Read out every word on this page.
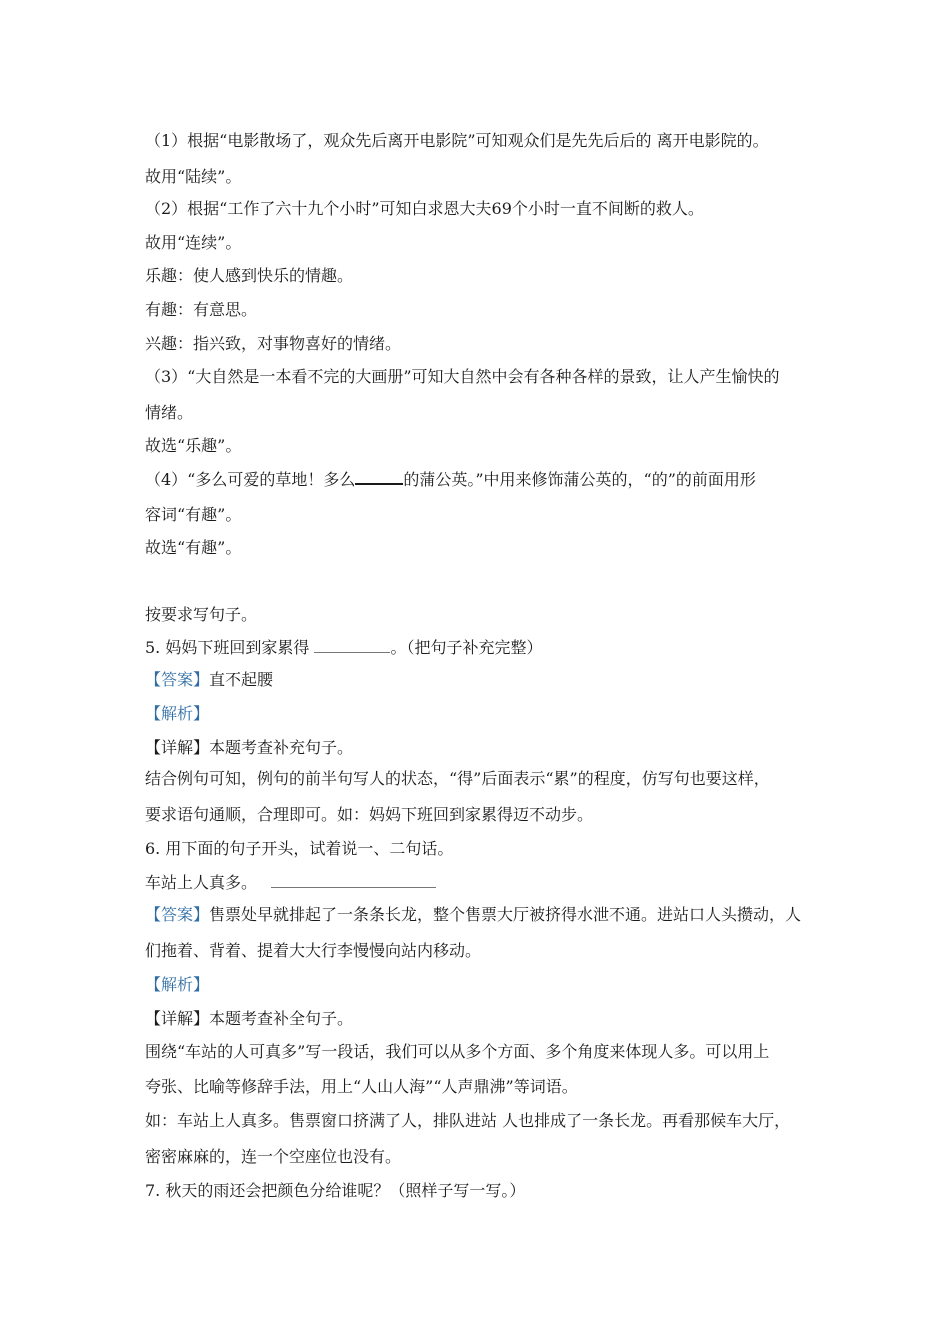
（1）根据“电影散场了，观众先后离开电影院”可知观众们是先先后后的 离开电影院的。
故用“陆续”。
（2）根据“工作了六十九个小时”可知白求恩大夫69个小时一直不间断的救人。
故用“连续”。
乐趣：使人感到快乐的情趣。
有趣：有意思。
兴趣：指兴致，对事物喜好的情绪。
（3）“大自然是一本看不完的大画册”可知大自然中会有各种各样的景致，让人产生愉快的
情绪。
故选“乐趣”。
（4）“多么可爱的草地！多么	的蒲公英。”中用来修饰蒲公英的，“的”的前面用形
容词“有趣”。
故选“有趣”。
按要求写句子。
5. 妈妈下班回到家累得	。（把句子补充完整）
【答案】直不起腰
【解析】
【详解】本题考查补充句子。
结合例句可知，例句的前半句写人的状态，“得”后面表示“累”的程度，仿写句也要这样，
要求语句通顺，合理即可。如：妈妈下班回到家累得迈不动步。
6. 用下面的句子开头，试着说一、二句话。
车站上人真多。
【答案】售票处早就排起了一条条长龙，整个售票大厅被挤得水泄不通。进站口人头攒动，人
们拖着、背着、提着大大行李慢慢向站内移动。
【解析】
【详解】本题考查补全句子。
围绕“车站的人可真多”写一段话，我们可以从多个方面、多个角度来体现人多。可以用上
夸张、比喻等修辞手法，用上“人山人海”“人声鼎沸”等词语。
如：车站上人真多。售票窗口挤满了人，排队进站 人也排成了一条长龙。再看那候车大厅，
密密麻麻的，连一个空座位也没有。
7. 秋天的雨还会把颜色分给谁呢？（照样子写一写。）
